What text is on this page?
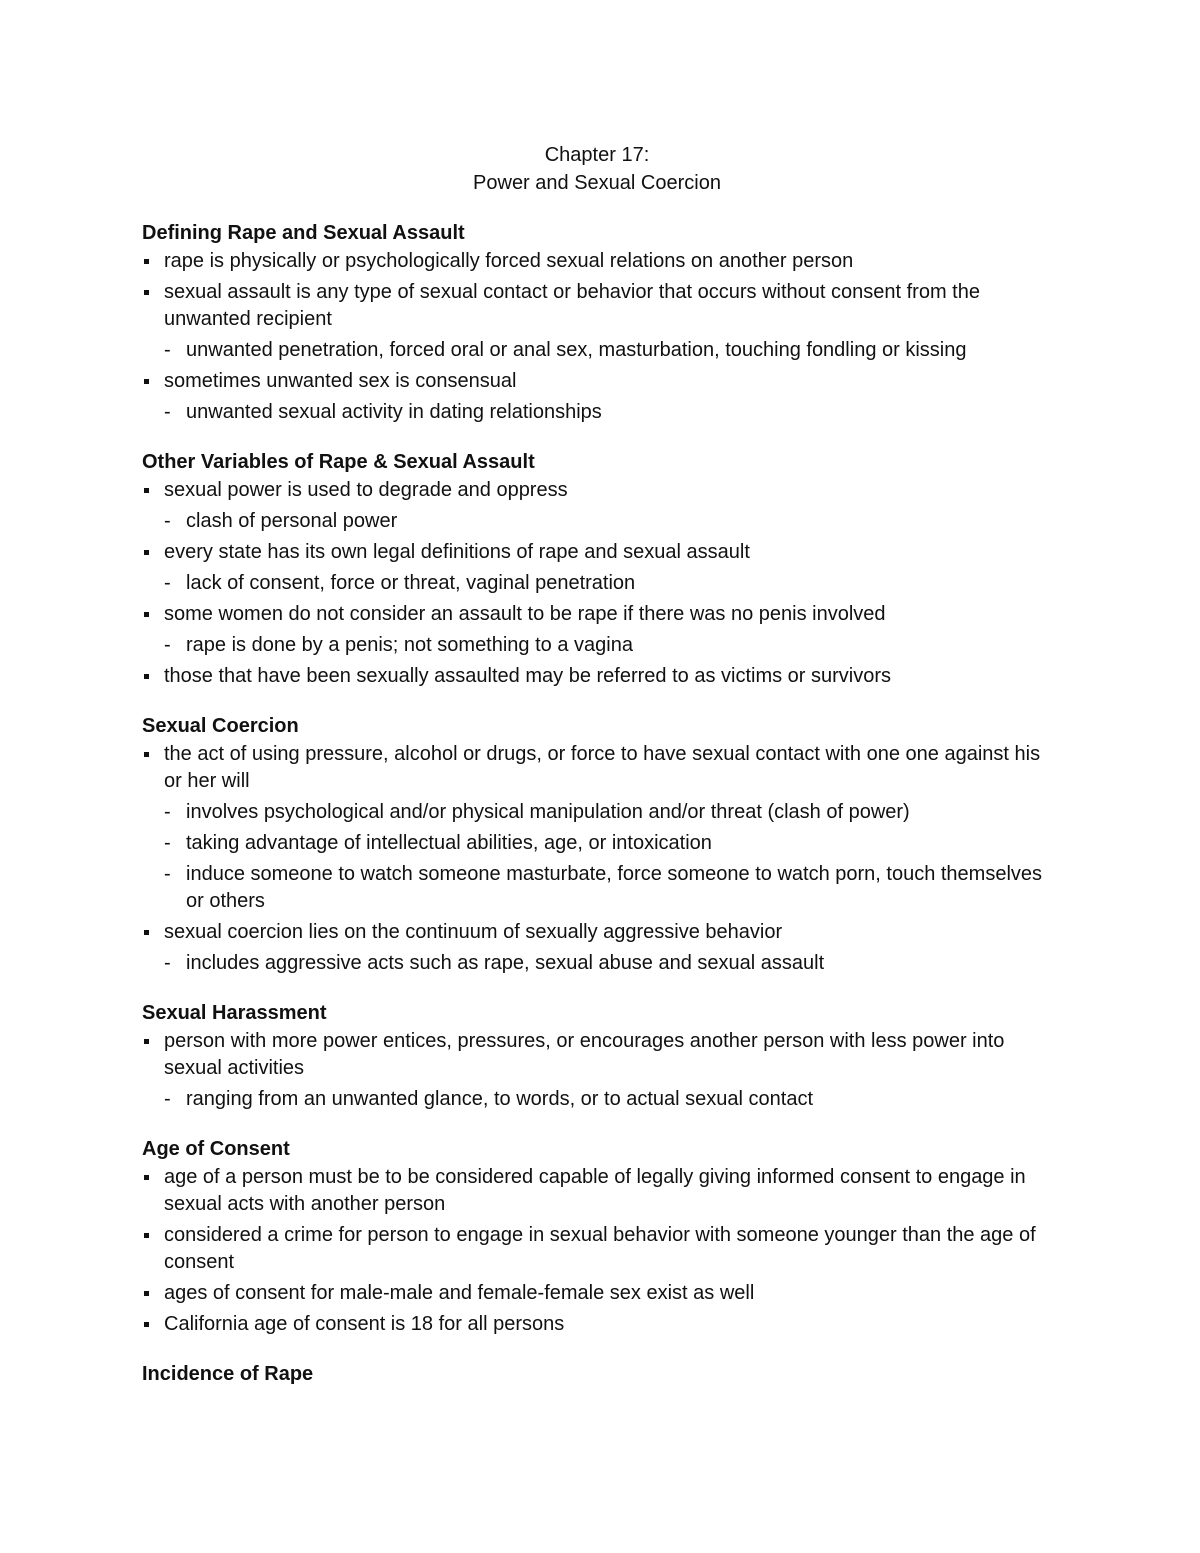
Chapter 17:
Power and Sexual Coercion
Defining Rape and Sexual Assault
rape is physically or psychologically forced sexual relations on another person
sexual assault is any type of sexual contact or behavior that occurs without consent from the unwanted recipient
- unwanted penetration, forced oral or anal sex, masturbation, touching fondling or kissing
sometimes unwanted sex is consensual
- unwanted sexual activity in dating relationships
Other Variables of Rape & Sexual Assault
sexual power is used to degrade and oppress
- clash of personal power
every state has its own legal definitions of rape and sexual assault
- lack of consent, force or threat, vaginal penetration
some women do not consider an assault to be rape if there was no penis involved
- rape is done by a penis; not something to a vagina
those that have been sexually assaulted may be referred to as victims or survivors
Sexual Coercion
the act of using pressure, alcohol or drugs, or force to have sexual contact with one one against his or her will
- involves psychological and/or physical manipulation and/or threat (clash of power)
- taking advantage of intellectual abilities, age, or intoxication
- induce someone to watch someone masturbate, force someone to watch porn, touch themselves or others
sexual coercion lies on the continuum of sexually aggressive behavior
- includes aggressive acts such as rape, sexual abuse and sexual assault
Sexual Harassment
person with more power entices, pressures, or encourages another person with less power into sexual activities
- ranging from an unwanted glance, to words, or to actual sexual contact
Age of Consent
age of a person must be to be considered capable of legally giving informed consent to engage in sexual acts with another person
considered a crime for person to engage in sexual behavior with someone younger than the age of consent
ages of consent for male-male and female-female sex exist as well
California age of consent is 18 for all persons
Incidence of Rape
